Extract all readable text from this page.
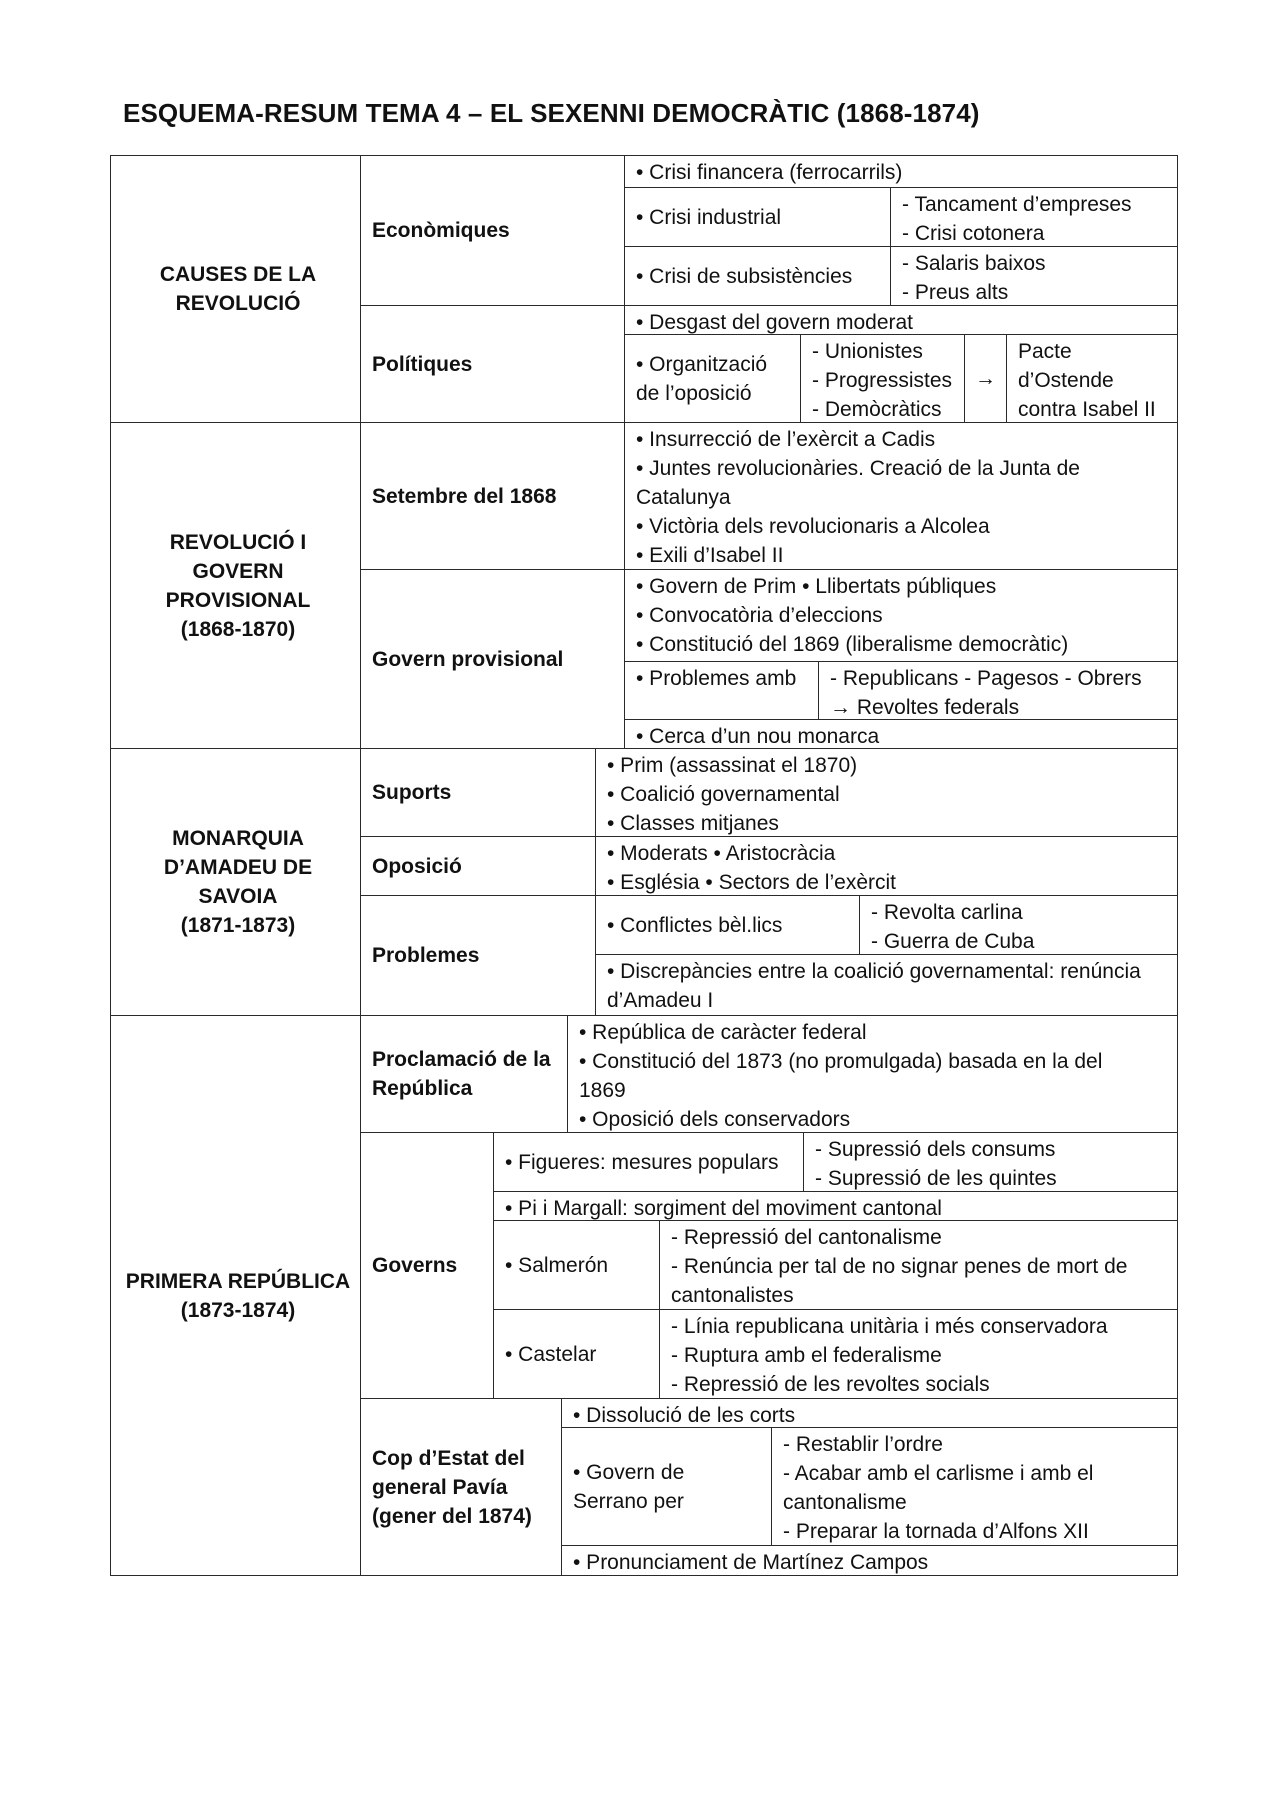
ESQUEMA-RESUM TEMA 4 – EL SEXENNI DEMOCRÀTIC (1868-1874)
CAUSES DE LA
REVOLUCIÓ
Econòmiques
• Crisi financera (ferrocarrils)
• Crisi industrial
- Tancament d’empreses
- Crisi cotonera
• Crisi de subsistències
- Salaris baixos
- Preus alts
Polítiques
• Desgast del govern moderat
• Organització
de l’oposició
- Unionistes
- Progressistes
- Demòcràtics
→
Pacte
d’Ostende
contra Isabel II
REVOLUCIÓ I GOVERN
PROVISIONAL
(1868-1870)
Setembre del 1868
• Insurrecció de l’exèrcit a Cadis
• Juntes revolucionàries. Creació de la Junta de
Catalunya
• Victòria dels revolucionaris a Alcolea
• Exili d’Isabel II
Govern provisional
• Govern de Prim • Llibertats públiques
• Convocatòria d’eleccions
• Constitució del 1869 (liberalisme democràtic)
• Problemes amb	- Republicans - Pagesos - Obrers
→ Revoltes federals
• Cerca d’un nou monarca
MONARQUIA
D’AMADEU DE SAVOIA
(1871-1873)
Suports
• Prim (assassinat el 1870)
• Coalició governamental
• Classes mitjanes
Oposició
• Moderats • Aristocràcia
• Església • Sectors de l’exèrcit
Problemes
• Conflictes bèl.lics
- Revolta carlina
- Guerra de Cuba
• Discrepàncies entre la coalició governamental: renúncia
d’Amadeu I
PRIMERA REPÚBLICA
(1873-1874)
Proclamació de la
República
• República de caràcter federal
• Constitució del 1873 (no promulgada) basada en la del
1869
• Oposició dels conservadors
Governs
• Figueres: mesures populars
- Supressió dels consums
- Supressió de les quintes
• Pi i Margall: sorgiment del moviment cantonal
• Salmerón
- Repressió del cantonalisme
- Renúncia per tal de no signar penes de mort de
cantonalistes
• Castelar
- Línia republicana unitària i més conservadora
- Ruptura amb el federalisme
- Repressió de les revoltes socials
Cop d’Estat del
general Pavía
(gener del 1874)
• Dissolució de les corts
• Govern de
Serrano per
- Restablir l’ordre
- Acabar amb el carlisme i amb el
cantonalisme
- Preparar la tornada d’Alfons XII
• Pronunciament de Martínez Campos
